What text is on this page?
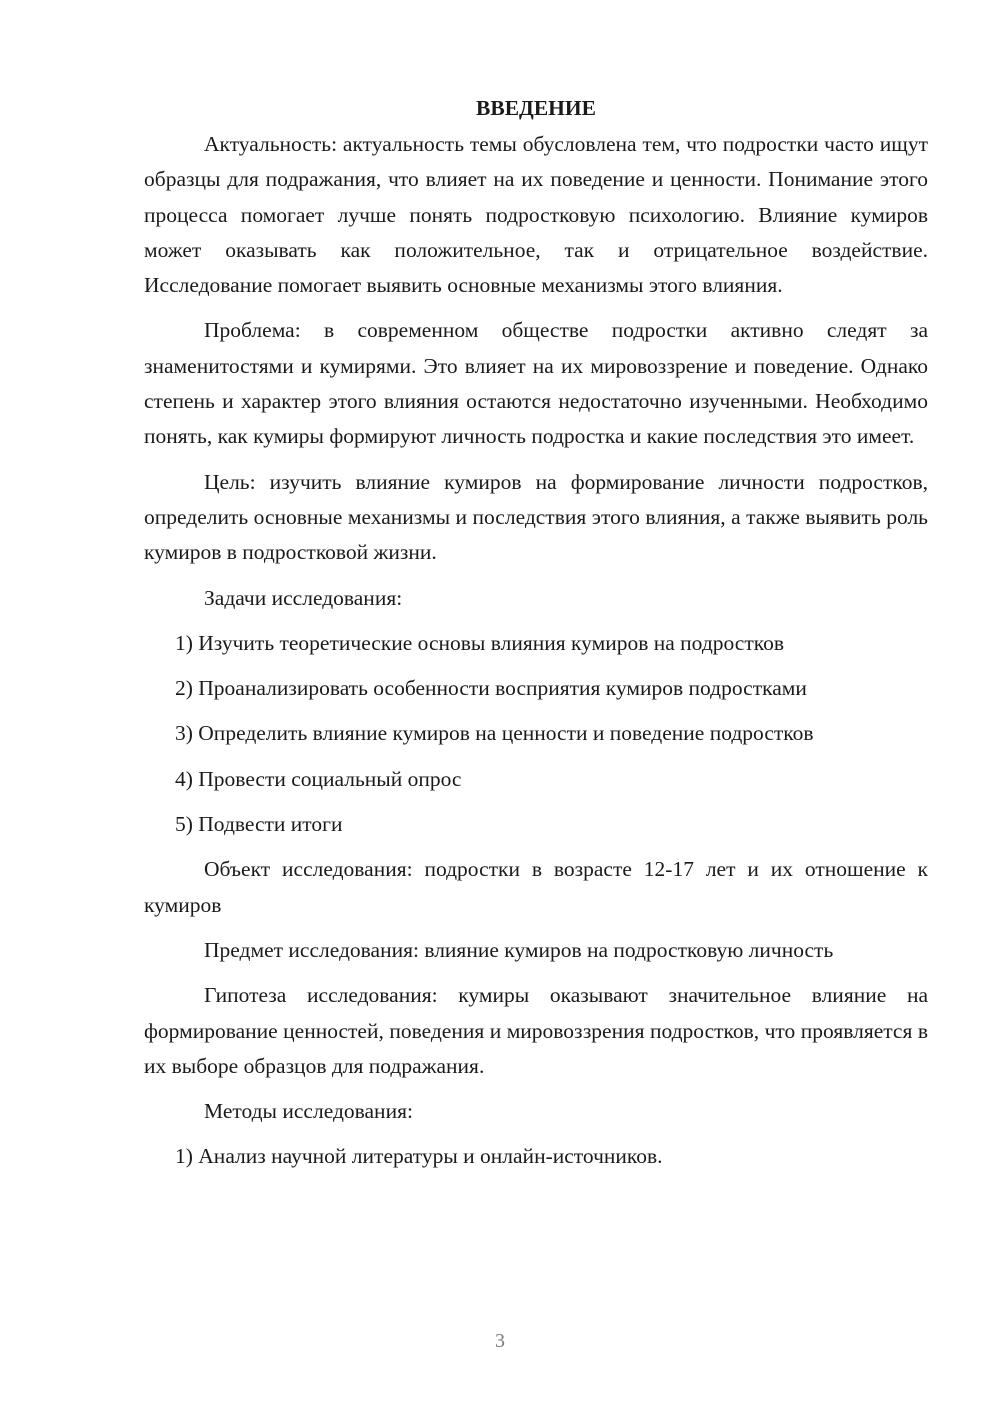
ВВЕДЕНИЕ

Актуальность: актуальность темы обусловлена тем, что подростки часто ищут образцы для подражания, что влияет на их поведение и ценности. Понимание этого процесса помогает лучше понять подростковую психологию. Влияние кумиров может оказывать как положительное, так и отрицательное воздействие. Исследование помогает выявить основные механизмы этого влияния.

Проблема: в современном обществе подростки активно следят за знаменитостями и кумирями. Это влияет на их мировоззрение и поведение. Однако степень и характер этого влияния остаются недостаточно изученными. Необходимо понять, как кумиры формируют личность подростка и какие последствия это имеет.

Цель: изучить влияние кумиров на формирование личности подростков, определить основные механизмы и последствия этого влияния, а также выявить роль кумиров в подростковой жизни.

Задачи исследования:
1) Изучить теоретические основы влияния кумиров на подростков
2) Проанализировать особенности восприятия кумиров подростками
3) Определить влияние кумиров на ценности и поведение подростков
4) Провести социальный опрос
5) Подвести итоги

Объект исследования: подростки в возрасте 12-17 лет и их отношение к кумиров

Предмет исследования: влияние кумиров на подростковую личность

Гипотеза исследования: кумиры оказывают значительное влияние на формирование ценностей, поведения и мировоззрения подростков, что проявляется в их выборе образцов для подражания.

Методы исследования:
1) Анализ научной литературы и онлайн-источников.
3
